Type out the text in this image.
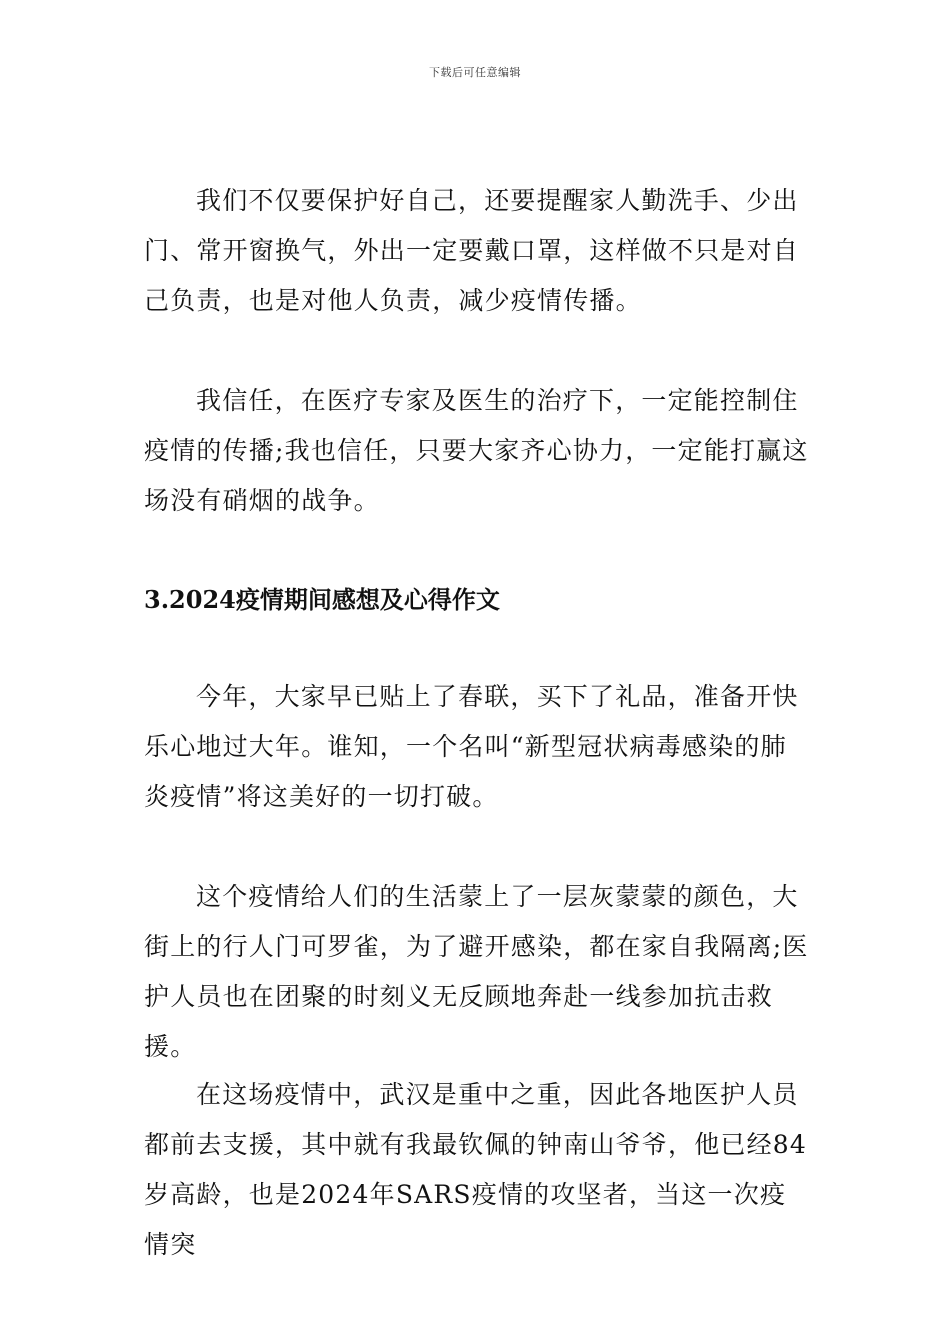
下载后可任意编辑

我们不仅要保护好自己，还要提醒家人勤洗手、少出门、常开窗换气，外出一定要戴口罩，这样做不只是对自己负责，也是对他人负责，减少疫情传播。

我信任，在医疗专家及医生的治疗下，一定能控制住疫情的传播;我也信任，只要大家齐心协力，一定能打赢这场没有硝烟的战争。

3.2024疫情期间感想及心得作文

今年，大家早已贴上了春联，买下了礼品，准备开快乐心地过大年。谁知，一个名叫“新型冠状病毒感染的肺炎疫情”将这美好的一切打破。

这个疫情给人们的生活蒙上了一层灰蒙蒙的颜色，大街上的行人门可罗雀，为了避开感染，都在家自我隔离;医护人员也在团聚的时刻义无反顾地奔赴一线参加抗击救援。

在这场疫情中，武汉是重中之重，因此各地医护人员都前去支援，其中就有我最钦佩的钟南山爷爷，他已经84岁高龄，也是2024年SARS疫情的攻坚者，当这一次疫情突
